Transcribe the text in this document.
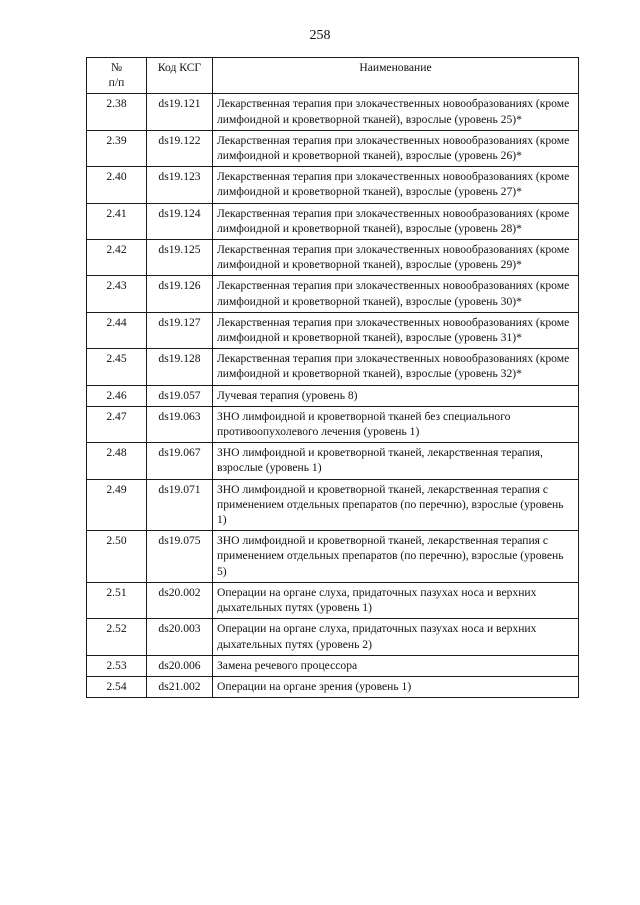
258
№
п/п	Код КСГ	Наименование
2.38	ds19.121	Лекарственная терапия при злокачественных новообразованиях (кроме лимфоидной и кроветворной тканей), взрослые (уровень 25)*
2.39	ds19.122	Лекарственная терапия при злокачественных новообразованиях (кроме лимфоидной и кроветворной тканей), взрослые (уровень 26)*
2.40	ds19.123	Лекарственная терапия при злокачественных новообразованиях (кроме лимфоидной и кроветворной тканей), взрослые (уровень 27)*
2.41	ds19.124	Лекарственная терапия при злокачественных новообразованиях (кроме лимфоидной и кроветворной тканей), взрослые (уровень 28)*
2.42	ds19.125	Лекарственная терапия при злокачественных новообразованиях (кроме лимфоидной и кроветворной тканей), взрослые (уровень 29)*
2.43	ds19.126	Лекарственная терапия при злокачественных новообразованиях (кроме лимфоидной и кроветворной тканей), взрослые (уровень 30)*
2.44	ds19.127	Лекарственная терапия при злокачественных новообразованиях (кроме лимфоидной и кроветворной тканей), взрослые (уровень 31)*
2.45	ds19.128	Лекарственная терапия при злокачественных новообразованиях (кроме лимфоидной и кроветворной тканей), взрослые (уровень 32)*
2.46	ds19.057	Лучевая терапия (уровень 8)
2.47	ds19.063	ЗНО лимфоидной и кроветворной тканей без специального противоопухолевого лечения (уровень 1)
2.48	ds19.067	ЗНО лимфоидной и кроветворной тканей, лекарственная терапия, взрослые (уровень 1)
2.49	ds19.071	ЗНО лимфоидной и кроветворной тканей, лекарственная терапия с применением отдельных препаратов (по перечню), взрослые (уровень 1)
2.50	ds19.075	ЗНО лимфоидной и кроветворной тканей, лекарственная терапия с применением отдельных препаратов (по перечню), взрослые (уровень 5)
2.51	ds20.002	Операции на органе слуха, придаточных пазухах носа и верхних дыхательных путях (уровень 1)
2.52	ds20.003	Операции на органе слуха, придаточных пазухах носа и верхних дыхательных путях (уровень 2)
2.53	ds20.006	Замена речевого процессора
2.54	ds21.002	Операции на органе зрения (уровень 1)
